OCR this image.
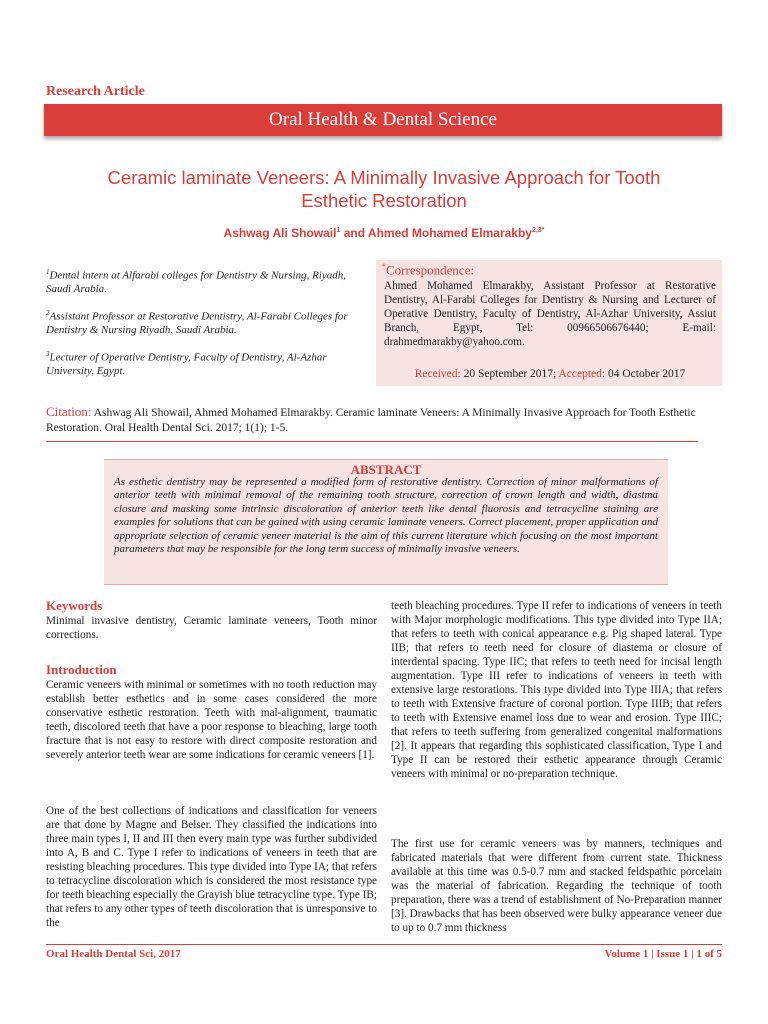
Research Article
Oral Health & Dental Science
Ceramic laminate Veneers: A Minimally Invasive Approach for Tooth
Esthetic Restoration
Ashwag Ali Showail$^1$ and Ahmed Mohamed Elmarakby$^{2,3*}$
$^1$Dental intern at Alfarabi colleges for Dentistry & Nursing, Riyadh, Saudi Arabia.
$^2$Assistant Professor at Restorative Dentistry, Al-Farabi Colleges for Dentistry & Nursing Riyadh, Saudi Arabia.
$^3$Lecturer of Operative Dentistry, Faculty of Dentistry, Al-Azhar University, Egypt.
*Correspondence:
Ahmed Mohamed Elmarakby, Assistant Professor at Restorative Dentistry, Al-Farabi Colleges for Dentistry & Nursing and Lecturer of Operative Dentistry, Faculty of Dentistry, Al-Azhar University, Assiut Branch, Egypt, Tel: 00966506676440; E-mail: drahmedmarakby@yahoo.com.
Received: 20 September 2017; Accepted: 04 October 2017
Citation: Ashwag Ali Showail, Ahmed Mohamed Elmarakby. Ceramic laminate Veneers: A Minimally Invasive Approach for Tooth Esthetic Restoration. Oral Health Dental Sci. 2017; 1(1); 1-5.
ABSTRACT
As esthetic dentistry may be represented a modified form of restorative dentistry. Correction of minor malformations of anterior teeth with minimal removal of the remaining tooth structure, correction of crown length and width, diastma closure and masking some intrinsic discoloration of anterior teeth like dental fluorosis and tetracycline staining are examples for solutions that can be gained with using ceramic laminate veneers. Correct placement, proper application and appropriate selection of ceramic veneer material is the aim of this current literature which focusing on the most important parameters that may be responsible for the long term success of minimally invasive veneers.
Keywords
Minimal invasive dentistry, Ceramic laminate veneers, Tooth minor corrections.
Introduction
Ceramic veneers with minimal or sometimes with no tooth reduction may establish better esthetics and in some cases considered the more conservative esthetic restoration. Teeth with mal-alignment, traumatic teeth, discolored teeth that have a poor response to bleaching, large tooth fracture that is not easy to restore with direct composite restoration and severely anterior teeth wear are some indications for ceramic veneers [1].
One of the best collections of indications and classification for veneers are that done by Magne and Belser. They classified the indications into three main types I, II and III then every main type was further subdivided into A, B and C. Type I refer to indications of veneers in teeth that are resisting bleaching procedures. This type divided into Type IA; that refers to tetracycline discoloration which is considered the most resistance type for teeth bleaching especially the Grayish blue tetracycline type. Type IB; that refers to any other types of teeth discoloration that is unresponsive to the
teeth bleaching procedures. Type II refer to indications of veneers in teeth with Major morphologic modifications. This type divided into Type IIA; that refers to teeth with conical appearance e.g. Pig shaped lateral. Type IIB; that refers to teeth need for closure of diastema or closure of interdental spacing. Type IIC; that refers to teeth need for incisal length augmentation. Type III refer to indications of veneers in teeth with extensive large restorations. This type divided into Type IIIA; that refers to teeth with Extensive fracture of coronal portion. Type IIIB; that refers to teeth with Extensive enamel loss due to wear and erosion. Type IIIC; that refers to teeth suffering from generalized congenital malformations [2]. It appears that regarding this sophisticated classification, Type I and Type II can be restored their esthetic appearance through Ceramic veneers with minimal or no-preparation technique.
The first use for ceramic veneers was by manners, techniques and fabricated materials that were different from current state. Thickness available at this time was 0.5-0.7 mm and stacked feldspathic porcelain was the material of fabrication. Regarding the technique of tooth preparation, there was a trend of establishment of No-Preparation manner [3]. Drawbacks that has been observed were bulky appearance veneer due to up to 0.7 mm thickness
Oral Health Dental Sci, 2017	Volume 1 | Issue 1 | 1 of 5
